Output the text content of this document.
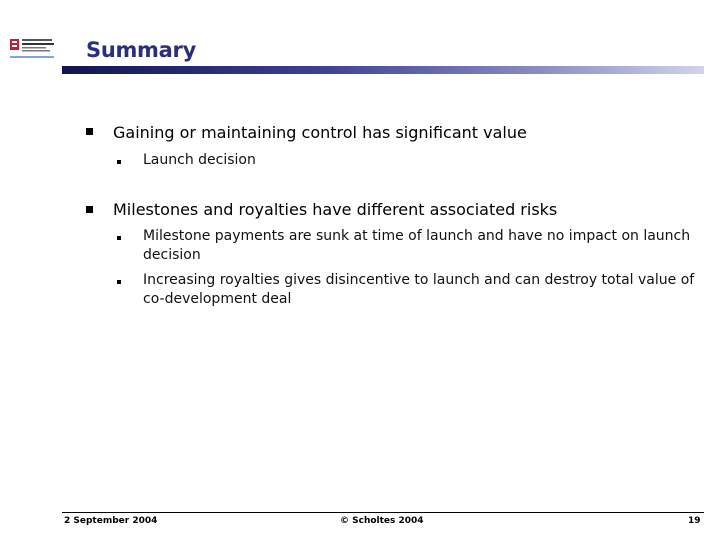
Summary
Gaining or maintaining control has significant value
Launch decision
Milestones and royalties have different associated risks
Milestone payments are sunk at time of launch and have no impact on launch decision
Increasing royalties gives disincentive to launch and can destroy total value of co-development deal
2 September 2004	© Scholtes 2004	19
